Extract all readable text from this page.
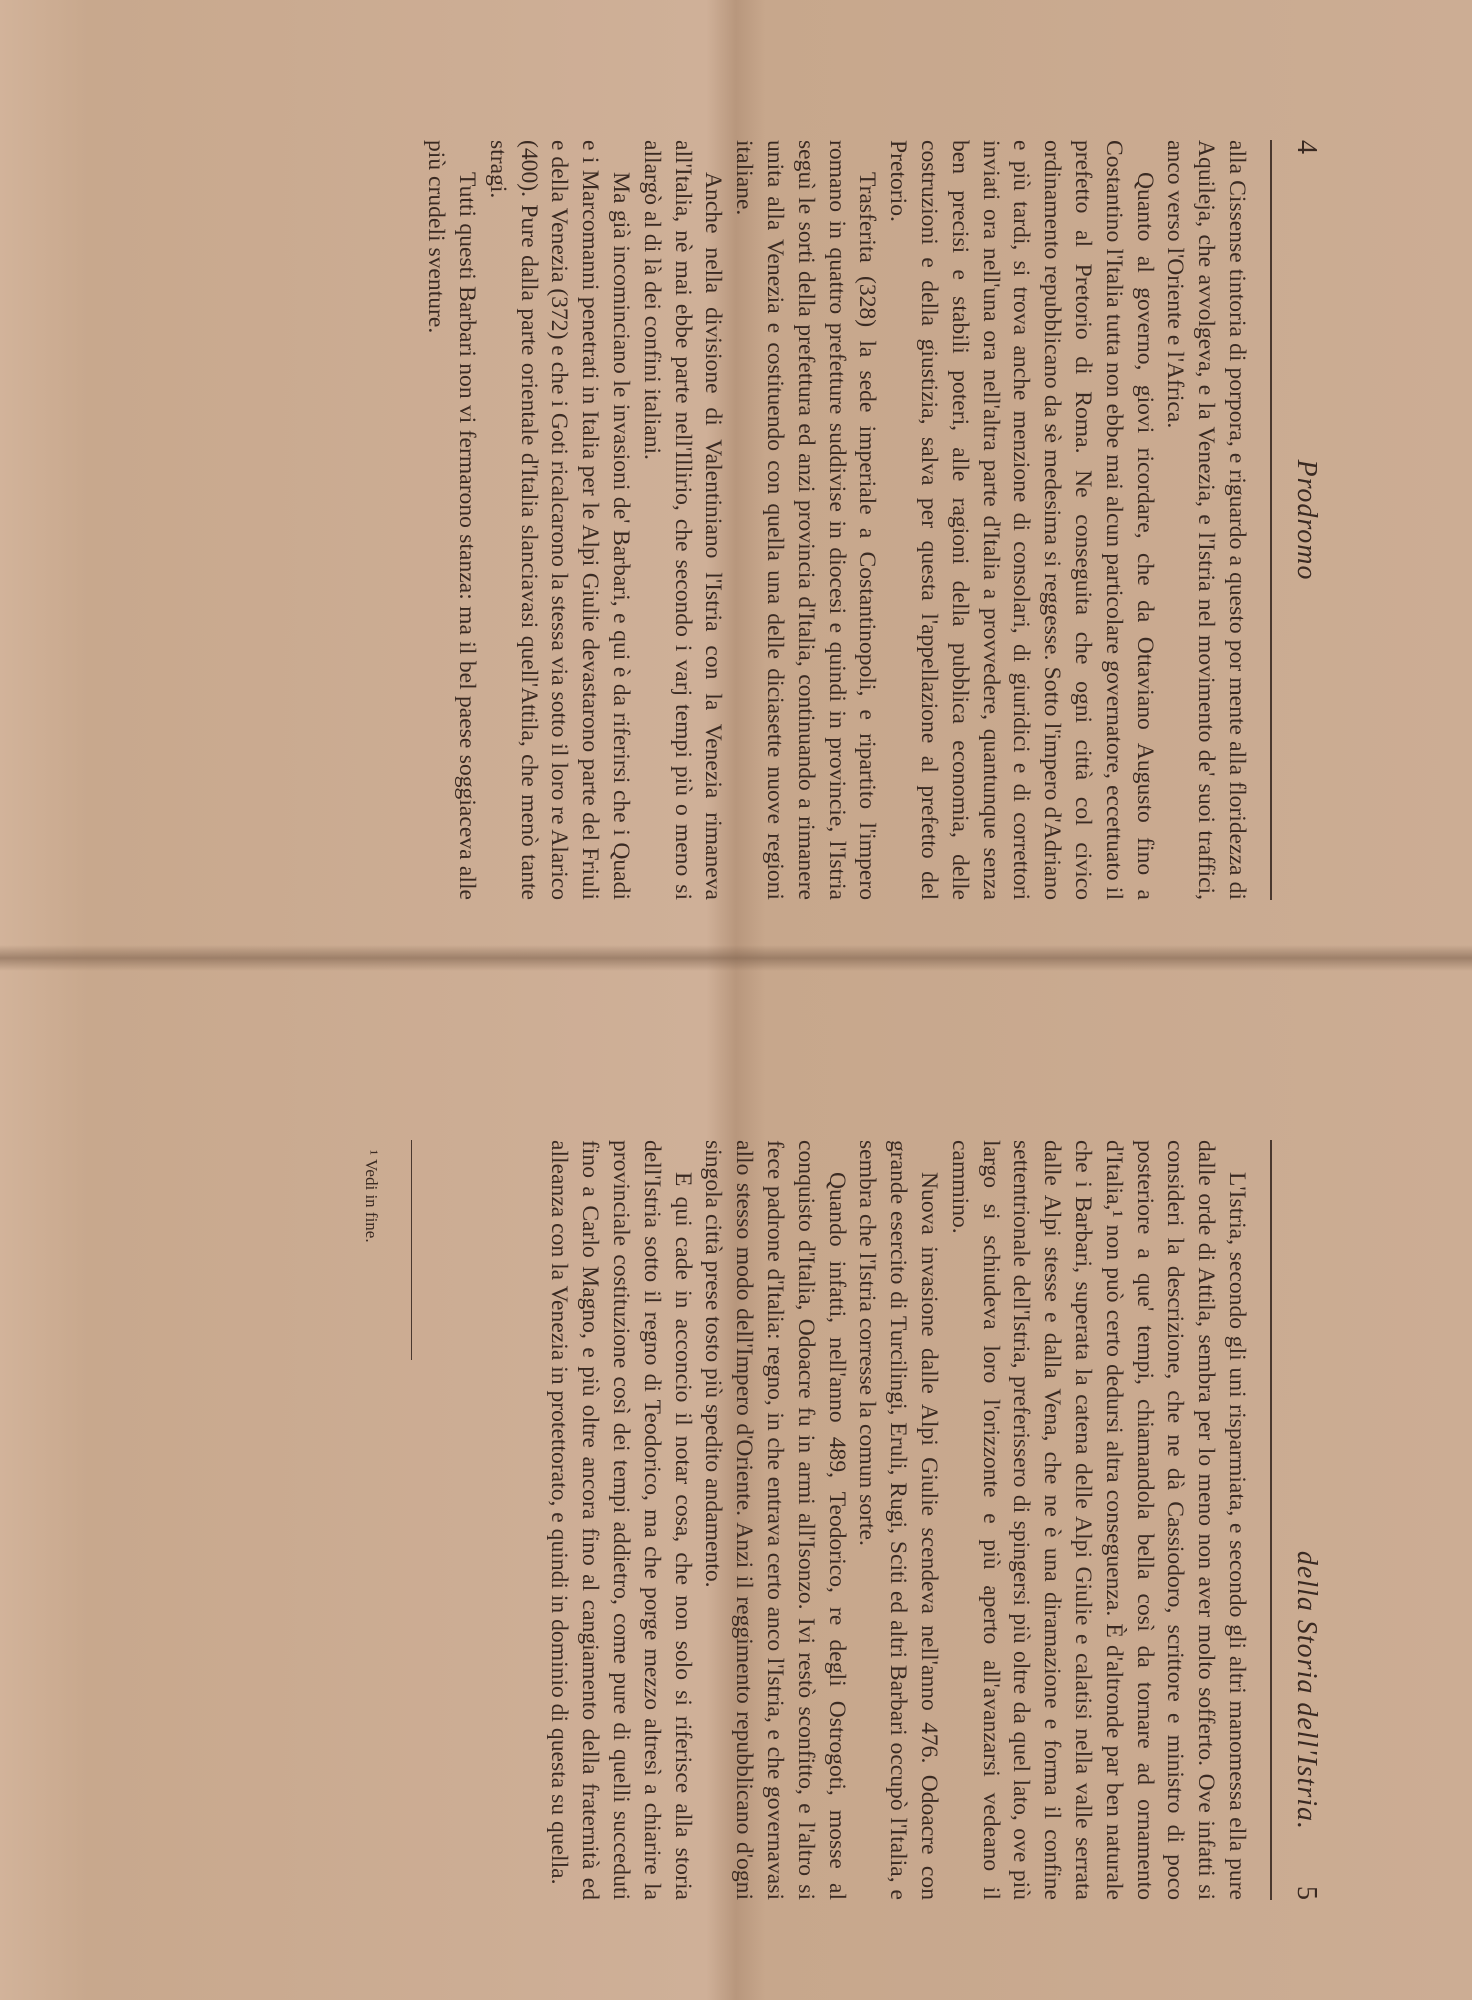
4
Prodromo

alla Cissense tintoria di porpora, e riguardo a questo por mente alla floridezza di Aquileja, che avvolgeva, e la Venezia, e l'Istria nel movimento de' suoi traffici, anco verso l'Oriente e l'Africa.

Quanto al governo, giovi ricordare, che da Ottaviano Augusto fino a Costantino l'Italia tutta non ebbe mai alcun particolare governatore, eccettuato il prefetto al Pretorio di Roma. Ne conseguita che ogni città col civico ordinamento repubblicano da sè medesima si reggesse. Sotto l'impero d'Adriano e più tardi, si trova anche menzione di consolari, di giuridici e di correttori inviati ora nell'una ora nell'altra parte d'Italia a provvedere, quantunque senza ben precisi e stabili poteri, alle ragioni della pubblica economia, delle costruzioni e della giustizia, salva per questa l'appellazione al prefetto del Pretorio.

Trasferita (328) la sede imperiale a Costantinopoli, e ripartito l'impero romano in quattro prefetture suddivise in diocesi e quindi in provincie, l'Istria seguì le sorti della prefettura ed anzi provincia d'Italia, continuando a rimanere unita alla Venezia e costituendo con quella una delle diciasette nuove regioni italiane.

Anche nella divisione di Valentiniano l'Istria con la Venezia rimaneva all'Italia, nè mai ebbe parte nell'Illirio, che secondo i varj tempi più o meno si allargò al di là dei confini italiani.

Ma già incominciano le invasioni de' Barbari, e qui è da riferirsi che i Quadi e i Marcomanni penetrati in Italia per le Alpi Giulie devastarono parte del Friuli e della Venezia (372) e che i Goti ricalcarono la stessa via sotto il loro re Alarico (400). Pure dalla parte orientale d'Italia slanciavasi quell'Attila, che menò tante stragi.

Tutti questi Barbari non vi fermarono stanza: ma il bel paese soggiaceva alle più crudeli sventure.

della Storia dell'Istria.
5

L'Istria, secondo gli uni risparmiata, e secondo gli altri manomessa ella pure dalle orde di Attila, sembra per lo meno non aver molto sofferto. Ove infatti si consideri la descrizione, che ne dà Cassiodoro, scrittore e ministro di poco posteriore a que' tempi, chiamandola bella così da tornare ad ornamento d'Italia,¹ non può certo dedursi altra conseguenza. È d'altronde par ben naturale che i Barbari, superata la catena delle Alpi Giulie e calatisi nella valle serrata dalle Alpi stesse e dalla Vena, che ne è una diramazione e forma il confine settentrionale dell'Istria, preferissero di spingersi più oltre da quel lato, ove più largo si schiudeva loro l'orizzonte e più aperto all'avanzarsi vedeano il cammino.

Nuova invasione dalle Alpi Giulie scendeva nell'anno 476. Odoacre con grande esercito di Turcilingi, Eruli, Rugi, Sciti ed altri Barbari occupò l'Italia, e sembra che l'Istria corresse la comun sorte.

Quando infatti, nell'anno 489, Teodorico, re degli Ostrogoti, mosse al conquisto d'Italia, Odoacre fu in armi all'Isonzo. Ivi restò sconfitto, e l'altro si fece padrone d'Italia: regno, in che entrava certo anco l'Istria, e che governavasi allo stesso modo dell'Impero d'Oriente. Anzi il reggimento repubblicano d'ogni singola città prese tosto più spedito andamento.

E qui cade in acconcio il notar cosa, che non solo si riferisce alla storia dell'Istria sotto il regno di Teodorico, ma che porge mezzo altresì a chiarire la provinciale costituzione così dei tempi addietro, come pure di quelli succeduti fino a Carlo Magno, e più oltre ancora fino al cangiamento della fraternità ed alleanza con la Venezia in protettorato, e quindi in dominio di questa su quella.

¹ Vedi in fine.
